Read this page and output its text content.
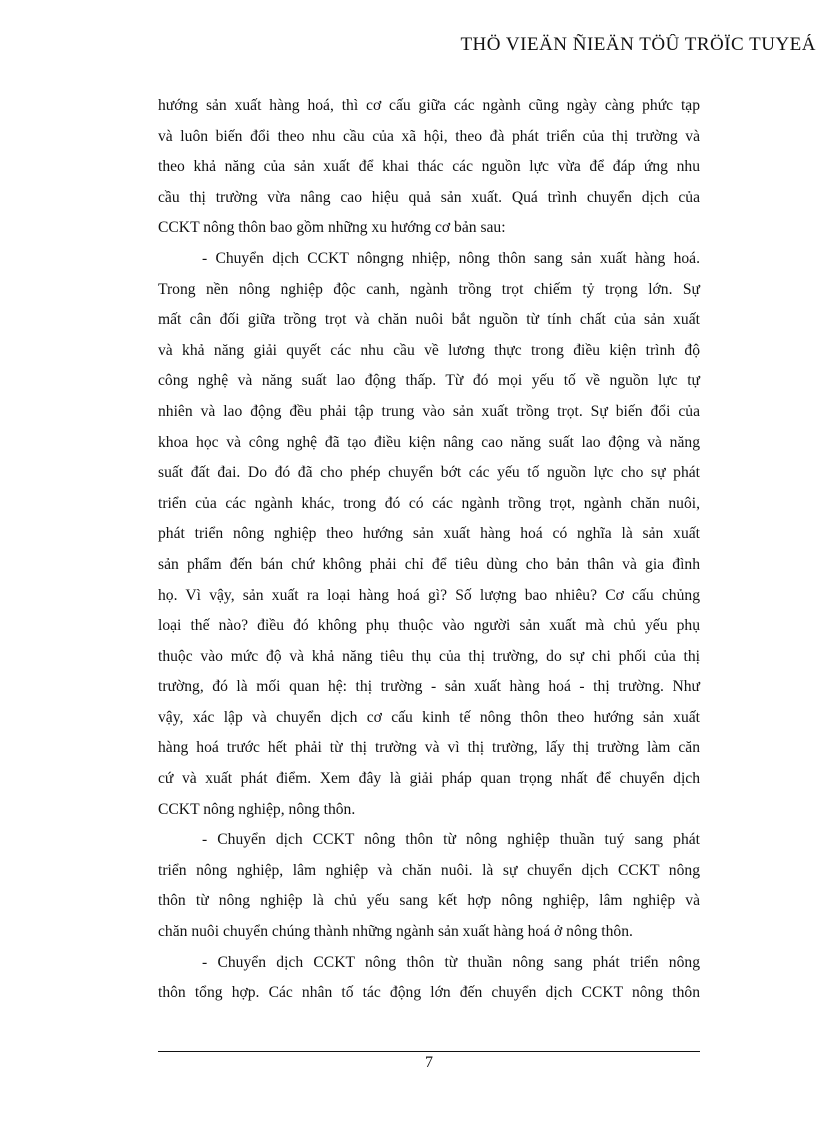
THÖ VIEÄN ÑIEÄN TÖÛ TRÖÏC TUYEÁ
hướng sản xuất hàng hoá, thì cơ cấu giữa các ngành cũng ngày càng phức tạp
và luôn biến đổi theo nhu cầu của xã hội, theo đà phát triển của thị trường và
theo khả năng của sản xuất để khai thác các nguồn lực vừa để đáp ứng nhu
cầu thị trường vừa nâng cao hiệu quả sản xuất. Quá trình chuyển dịch của
CCKT nông thôn bao gồm những xu hướng cơ bản sau:
- Chuyển dịch CCKT nôngng nhiệp, nông thôn sang sản xuất hàng hoá.
Trong nền nông nghiệp độc canh, ngành trồng trọt chiếm tỷ trọng lớn. Sự
mất cân đối giữa trồng trọt và chăn nuôi bắt nguồn từ tính chất của sản xuất
và khả năng giải quyết các nhu cầu về lương thực trong điều kiện trình độ
công nghệ và năng suất lao động thấp. Từ đó mọi yếu tố về nguồn lực tự
nhiên và lao động đều phải tập trung vào sản xuất trồng trọt. Sự biến đổi của
khoa học và công nghệ đã tạo điều kiện nâng cao năng suất lao động và năng
suất đất đai. Do đó đã cho phép chuyển bớt các yếu tố nguồn lực cho sự phát
triển của các ngành khác, trong đó có các ngành trồng trọt, ngành chăn nuôi,
phát triển nông nghiệp theo hướng sản xuất hàng hoá có nghĩa là sản xuất
sản phẩm đến bán chứ không phải chỉ để tiêu dùng cho bản thân và gia đình
họ. Vì vậy, sản xuất ra loại hàng hoá gì? Số lượng bao nhiêu? Cơ cấu chủng
loại thế nào? điều đó không phụ thuộc vào người sản xuất mà chủ yếu phụ
thuộc vào mức độ và khả năng tiêu thụ của thị trường, do sự chi phối của thị
trường, đó là mối quan hệ: thị trường - sản xuất hàng hoá - thị trường. Như
vậy, xác lập và chuyển dịch cơ cấu kinh tế nông thôn theo hướng sản xuất
hàng hoá trước hết phải từ thị trường và vì thị trường, lấy thị trường làm căn
cứ và xuất phát điểm. Xem đây là giải pháp quan trọng nhất để chuyển dịch
CCKT nông nghiệp, nông thôn.
- Chuyển dịch CCKT nông thôn từ nông nghiệp thuần tuý sang phát
triển nông nghiệp, lâm nghiệp và chăn nuôi. là sự chuyển dịch CCKT nông
thôn từ nông nghiệp là chủ yếu sang kết hợp nông nghiệp, lâm nghiệp và
chăn nuôi chuyển chúng thành những ngành sản xuất hàng hoá ở nông thôn.
- Chuyển dịch CCKT nông thôn từ thuần nông sang phát triển nông
thôn tổng hợp. Các nhân tố tác động lớn đến chuyển dịch CCKT nông thôn
7
